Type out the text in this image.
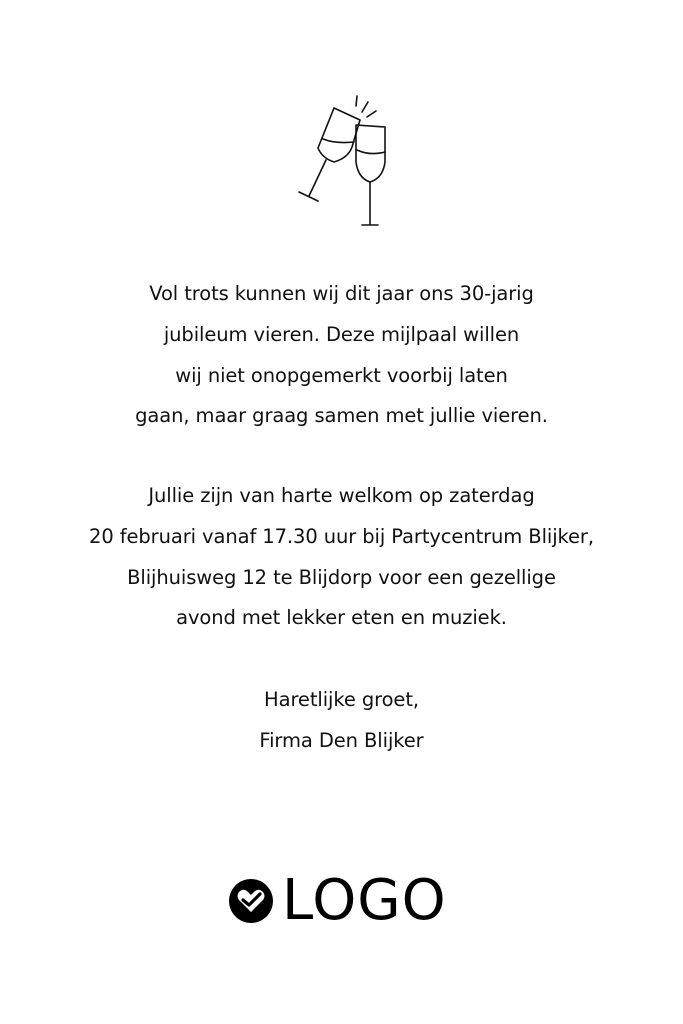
Vol trots kunnen wij dit jaar ons 30-jarig
jubileum vieren. Deze mijlpaal willen
wij niet onopgemerkt voorbij laten
gaan, maar graag samen met jullie vieren.
Jullie zijn van harte welkom op zaterdag
20 februari vanaf 17.30 uur bij Partycentrum Blijker,
Blijhuisweg 12 te Blijdorp voor een gezellige
avond met lekker eten en muziek.
Haretlijke groet,
Firma Den Blijker
LOGO
